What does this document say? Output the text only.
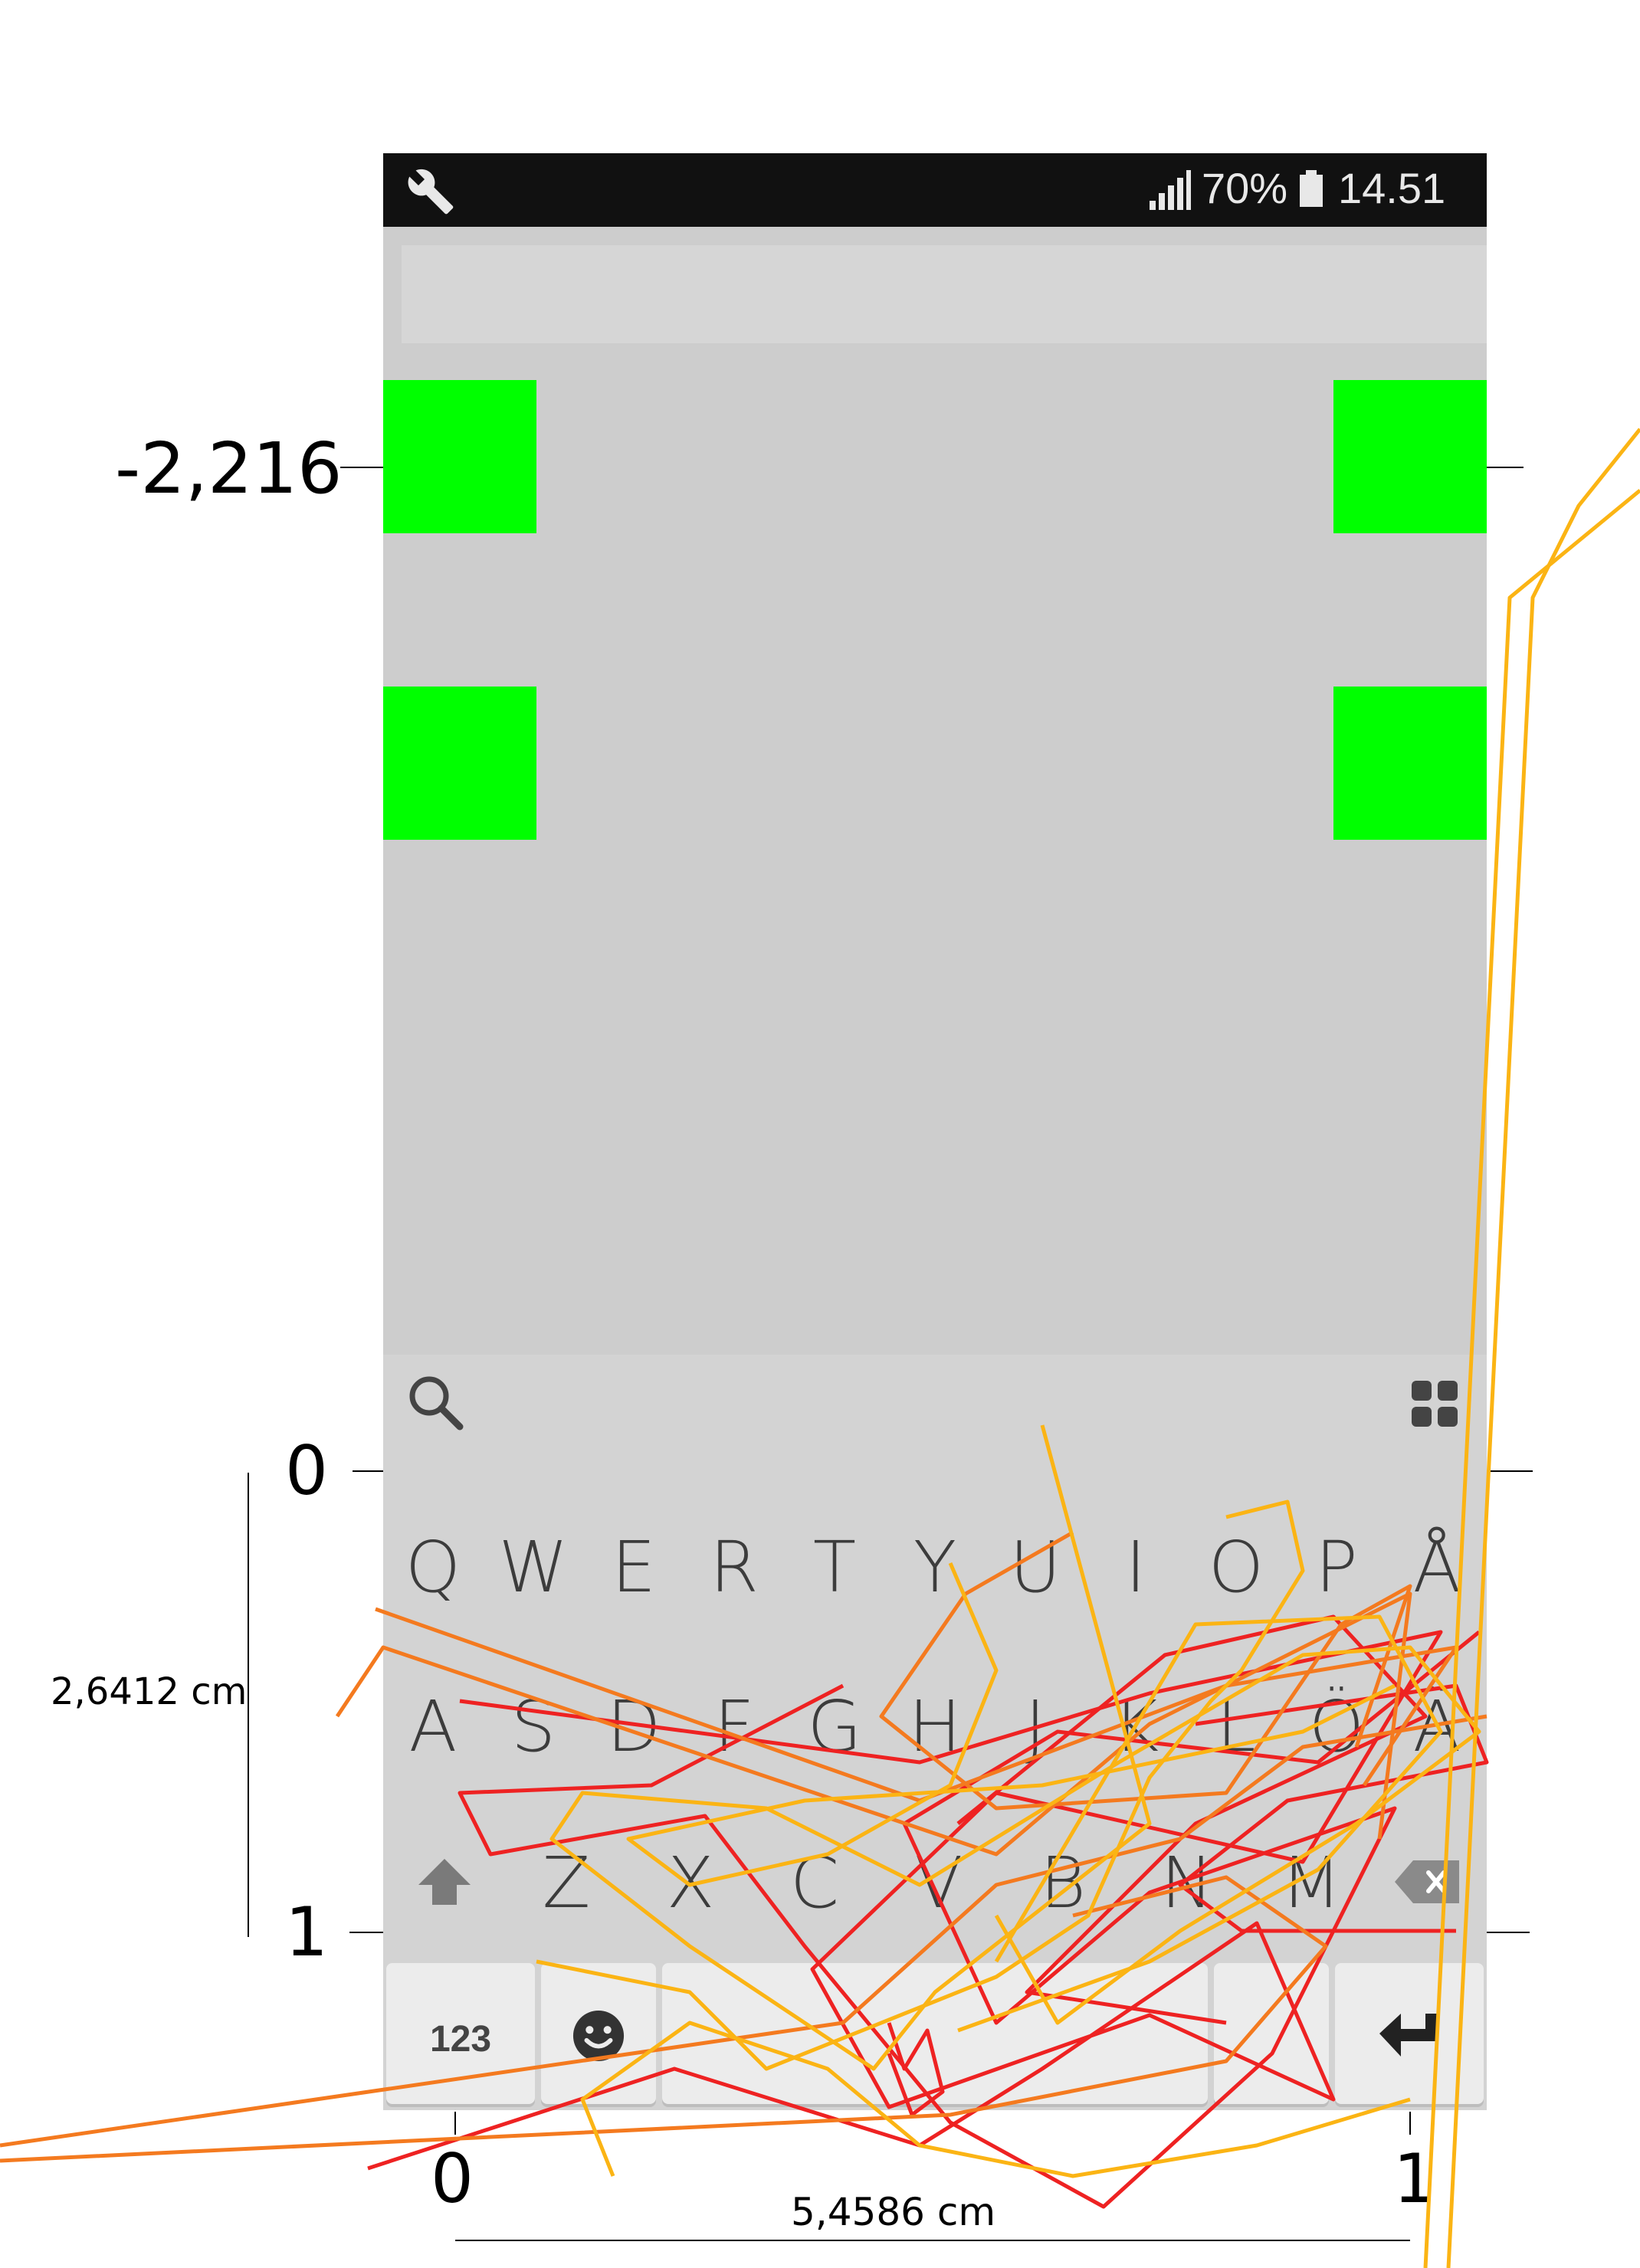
70% 14.51
Q W E R T Y U I O P Å
A S D F G H J K L Ö Ä
Z	X	C	V	B	N M
123
-2,216
0
1
2,6412 cm
0	1
5,4586 cm
